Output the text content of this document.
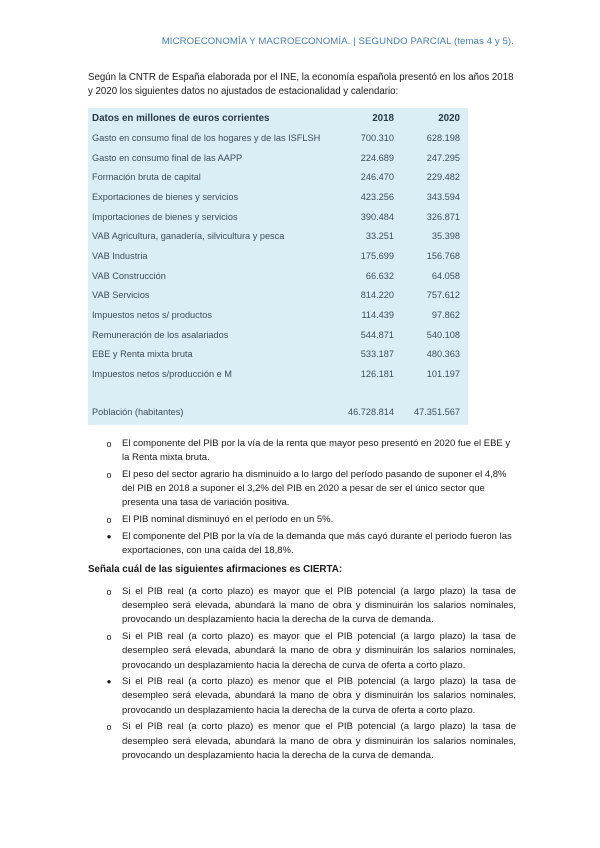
MICROECONOMÍA Y MACROECONOMÍA. | SEGUNDO PARCIAL (temas 4 y 5).

Según la CNTR de España elaborada por el INE, la economía española presentó en los años 2018 y 2020 los siguientes datos no ajustados de estacionalidad y calendario:

Datos en millones de euros corrientes	2018	2020
Gasto en consumo final de los hogares y de las ISFLSH	700.310	628.198
Gasto en consumo final de las AAPP	224.689	247.295
Formación bruta de capital	246.470	229.482
Exportaciones de bienes y servicios	423.256	343.594
Importaciones de bienes y servicios	390.484	326.871
VAB Agricultura, ganadería, silvicultura y pesca	33.251	35.398
VAB Industria	175.699	156.768
VAB Construcción	66.632	64.058
VAB Servicios	814.220	757.612
Impuestos netos s/ productos	114.439	97.862
Remuneración de los asalariados	544.871	540.108
EBE y Renta mixta bruta	533.187	480.363
Impuestos netos s/producción e M	126.181	101.197

Población (habitantes)	46.728.814	47.351.567
o El componente del PIB por la vía de la renta que mayor peso presentó en 2020 fue el EBE y la Renta mixta bruta.
o El peso del sector agrario ha disminuido a lo largo del período pasando de suponer el 4,8% del PIB en 2018 a suponer el 3,2% del PIB en 2020 a pesar de ser el único sector que presenta una tasa de variación positiva.
o El PIB nominal disminuyó en el período en un 5%.
● El componente del PIB por la vía de la demanda que más cayó durante el período fueron las exportaciones, con una caída del 18,8%.
Señala cuál de las siguientes afirmaciones es CIERTA:
o Si el PIB real (a corto plazo) es mayor que el PIB potencial (a largo plazo) la tasa de desempleo será elevada, abundará la mano de obra y disminuirán los salarios nominales, provocando un desplazamiento hacia la derecha de la curva de demanda.
o Si el PIB real (a corto plazo) es mayor que el PIB potencial (a largo plazo) la tasa de desempleo será elevada, abundará la mano de obra y disminuirán los salarios nominales, provocando un desplazamiento hacia la derecha de curva de oferta a corto plazo.
● Si el PIB real (a corto plazo) es menor que el PIB potencial (a largo plazo) la tasa de desempleo será elevada, abundará la mano de obra y disminuirán los salarios nominales, provocando un desplazamiento hacia la derecha de la curva de oferta a corto plazo.
o Si el PIB real (a corto plazo) es menor que el PIB potencial (a largo plazo) la tasa de desempleo será elevada, abundará la mano de obra y disminuirán los salarios nominales, provocando un desplazamiento hacia la derecha de la curva de demanda.
